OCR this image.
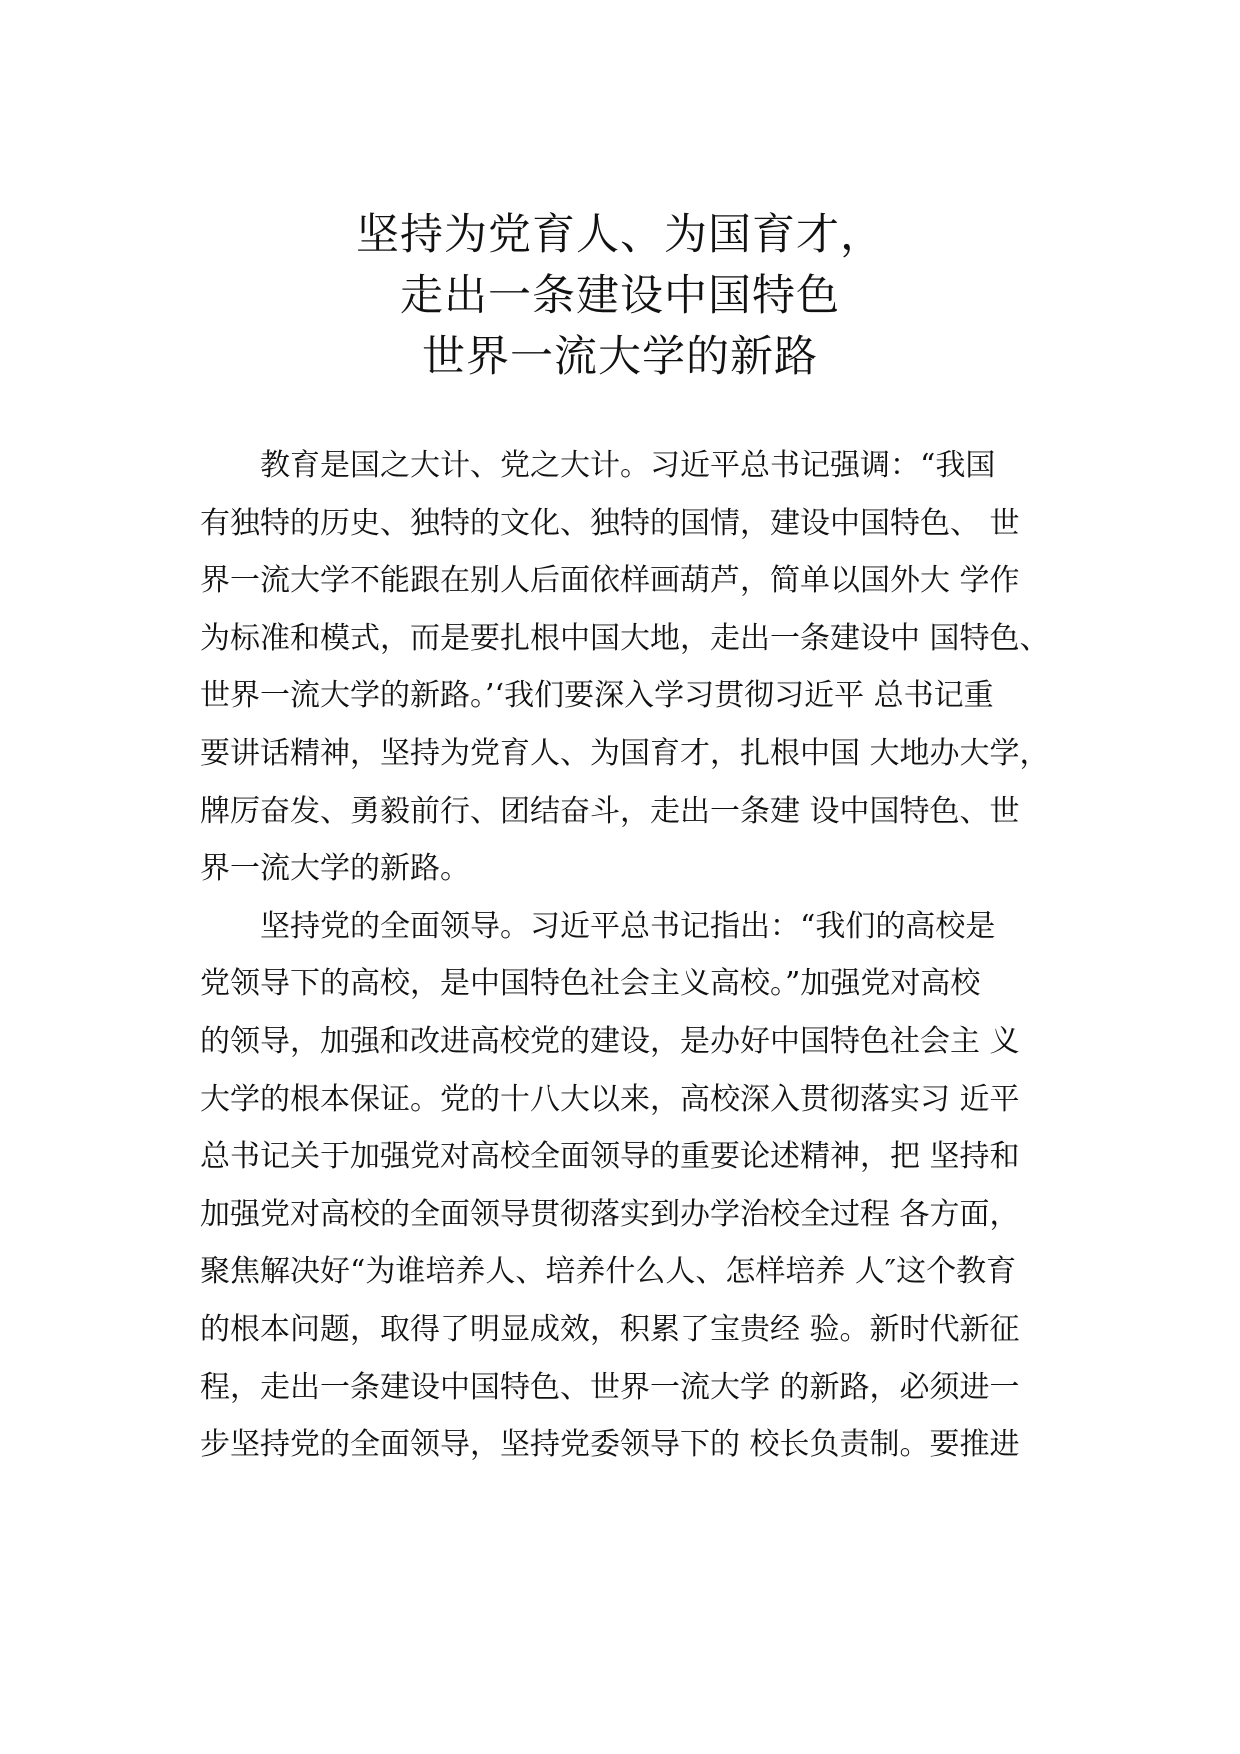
坚持为党育人、为国育才，
走出一条建设中国特色
世界一流大学的新路
　　教育是国之大计、党之大计。习近平总书记强调：“我国
有独特的历史、独特的文化、独特的国情，建设中国特色、 世
界一流大学不能跟在别人后面依样画葫芦，简单以国外大 学作
为标准和模式，而是要扎根中国大地，走出一条建设中 国特色、
世界一流大学的新路。’‘我们要深入学习贯彻习近平 总书记重
要讲话精神，坚持为党育人、为国育才，扎根中国 大地办大学，
牌厉奋发、勇毅前行、团结奋斗，走出一条建 设中国特色、世
界一流大学的新路。
　　坚持党的全面领导。习近平总书记指出：“我们的高校是
党领导下的高校，是中国特色社会主义高校。”加强党对高校
的领导，加强和改进高校党的建设，是办好中国特色社会主 义
大学的根本保证。党的十八大以来，高校深入贯彻落实习 近平
总书记关于加强党对高校全面领导的重要论述精神，把 坚持和
加强党对高校的全面领导贯彻落实到办学治校全过程 各方面，
聚焦解决好“为谁培养人、培养什么人、怎样培养 人″这个教育
的根本问题，取得了明显成效，积累了宝贵经 验。新时代新征
程，走出一条建设中国特色、世界一流大学 的新路，必须进一
步坚持党的全面领导，坚持党委领导下的 校长负责制。要推进
